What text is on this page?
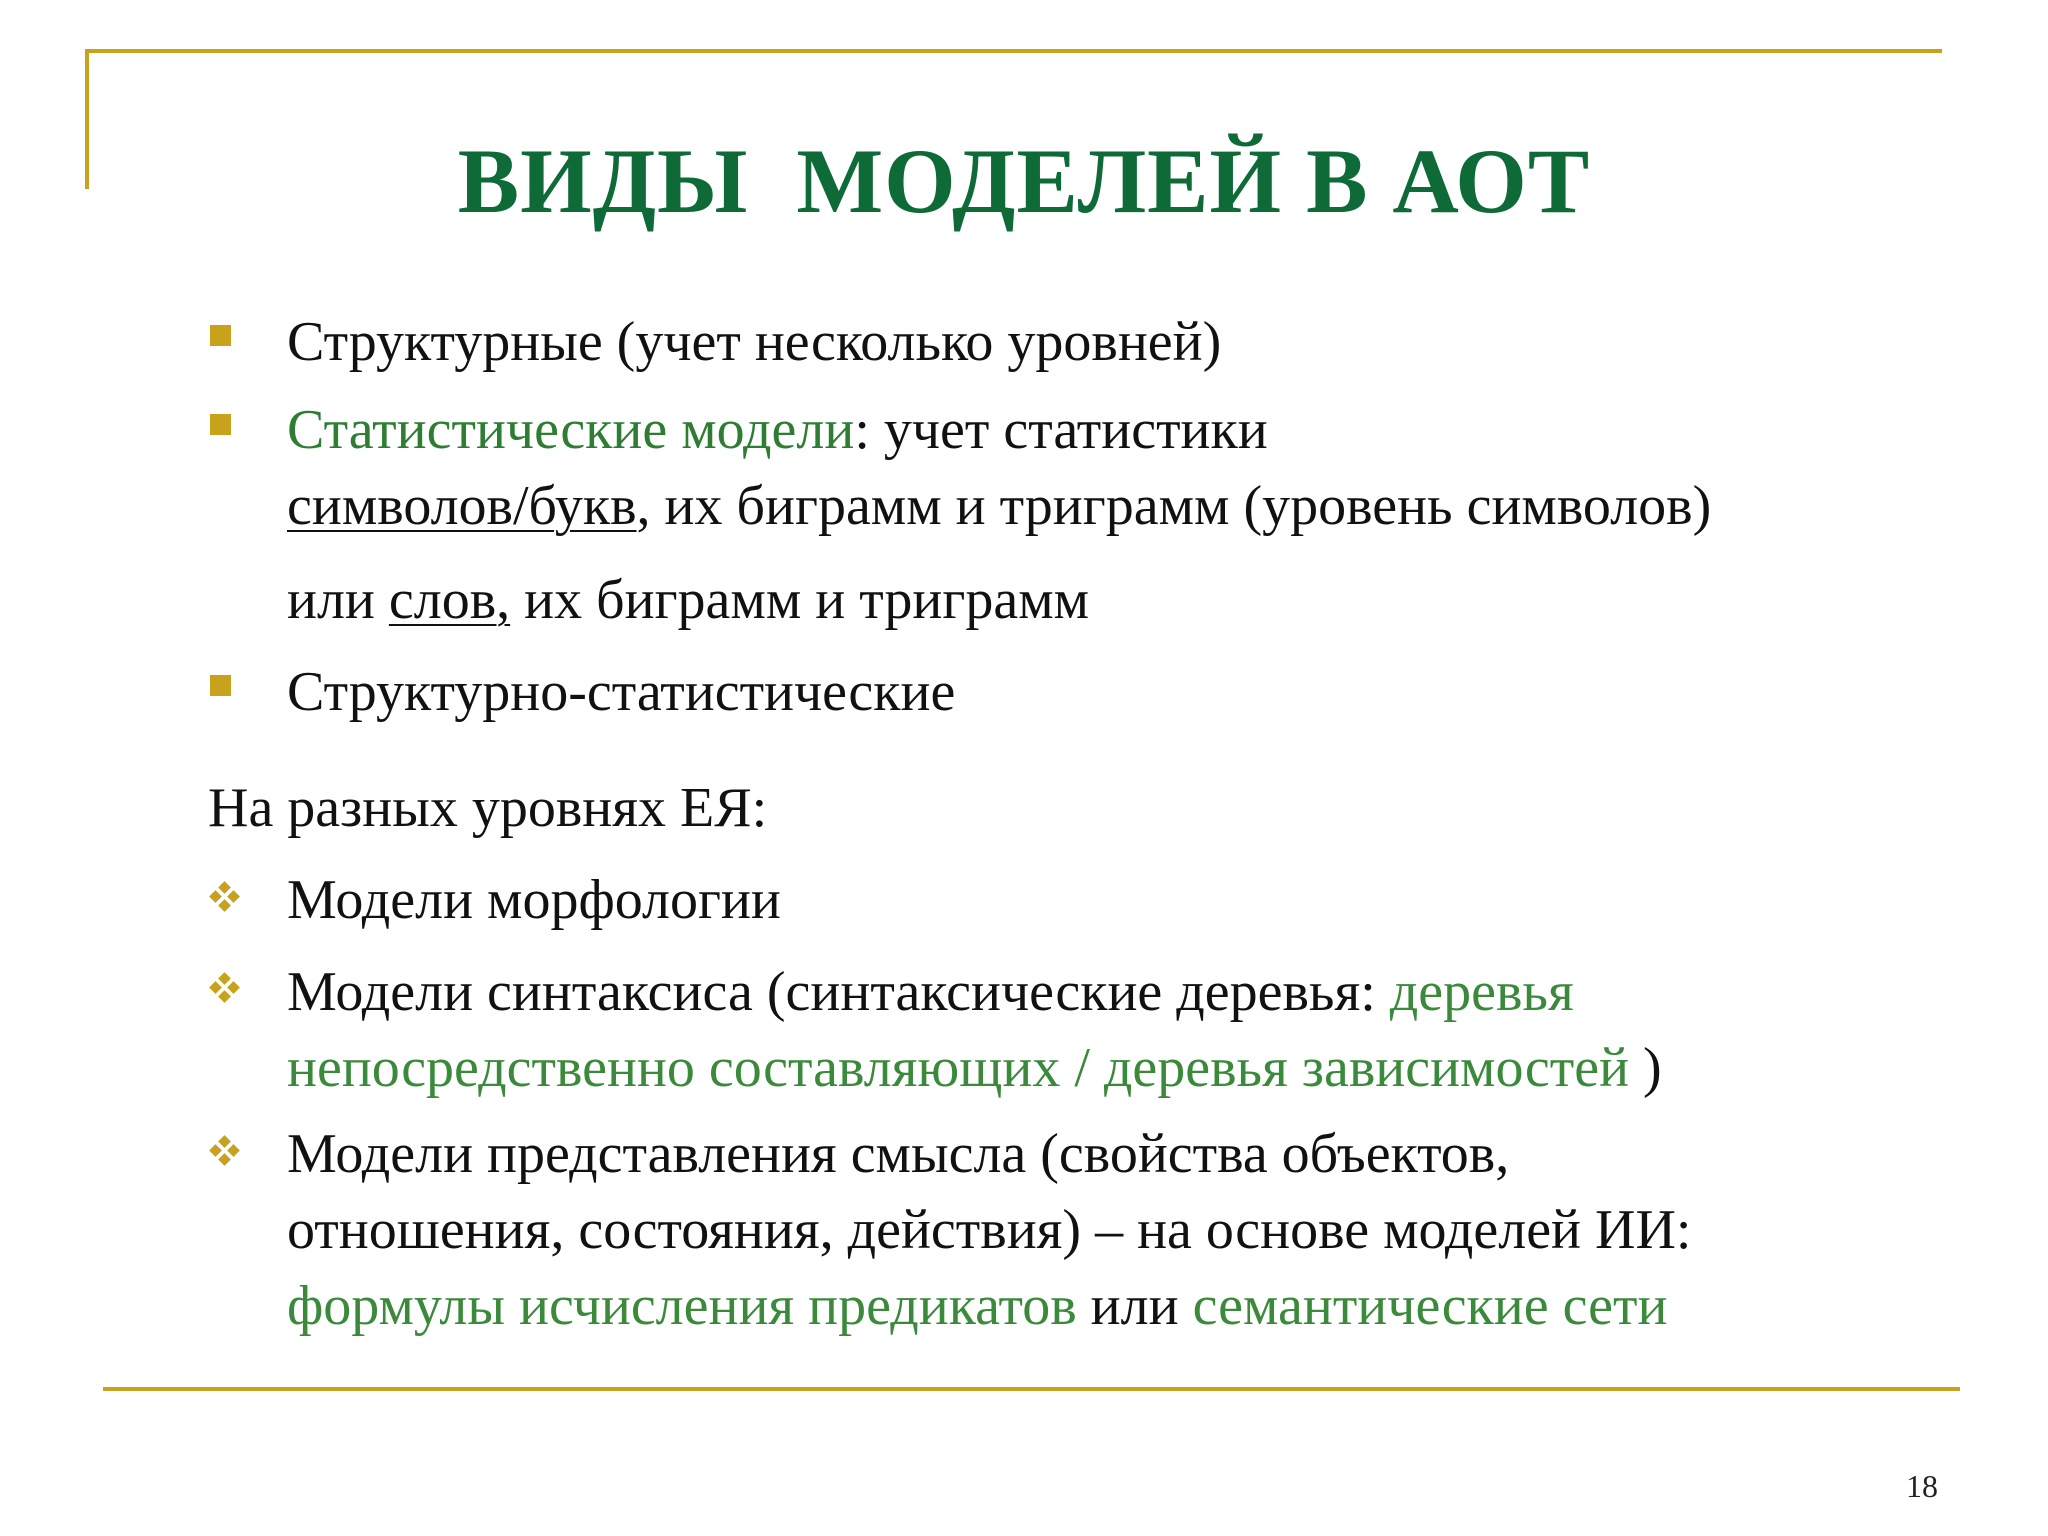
ВИДЫ  МОДЕЛЕЙ В АОТ
Структурные (учет несколько уровней)
Статистические модели: учет статистики
символов/букв, их биграмм и триграмм (уровень символов)
или слов, их биграмм и триграмм
Структурно-статистические
На разных уровнях ЕЯ:
Модели морфологии
Модели синтаксиса (синтаксические деревья: деревья
непосредственно составляющих / деревья зависимостей )
Модели представления смысла (свойства объектов,
отношения, состояния, действия) – на основе моделей ИИ:
формулы исчисления предикатов или семантические сети
18
